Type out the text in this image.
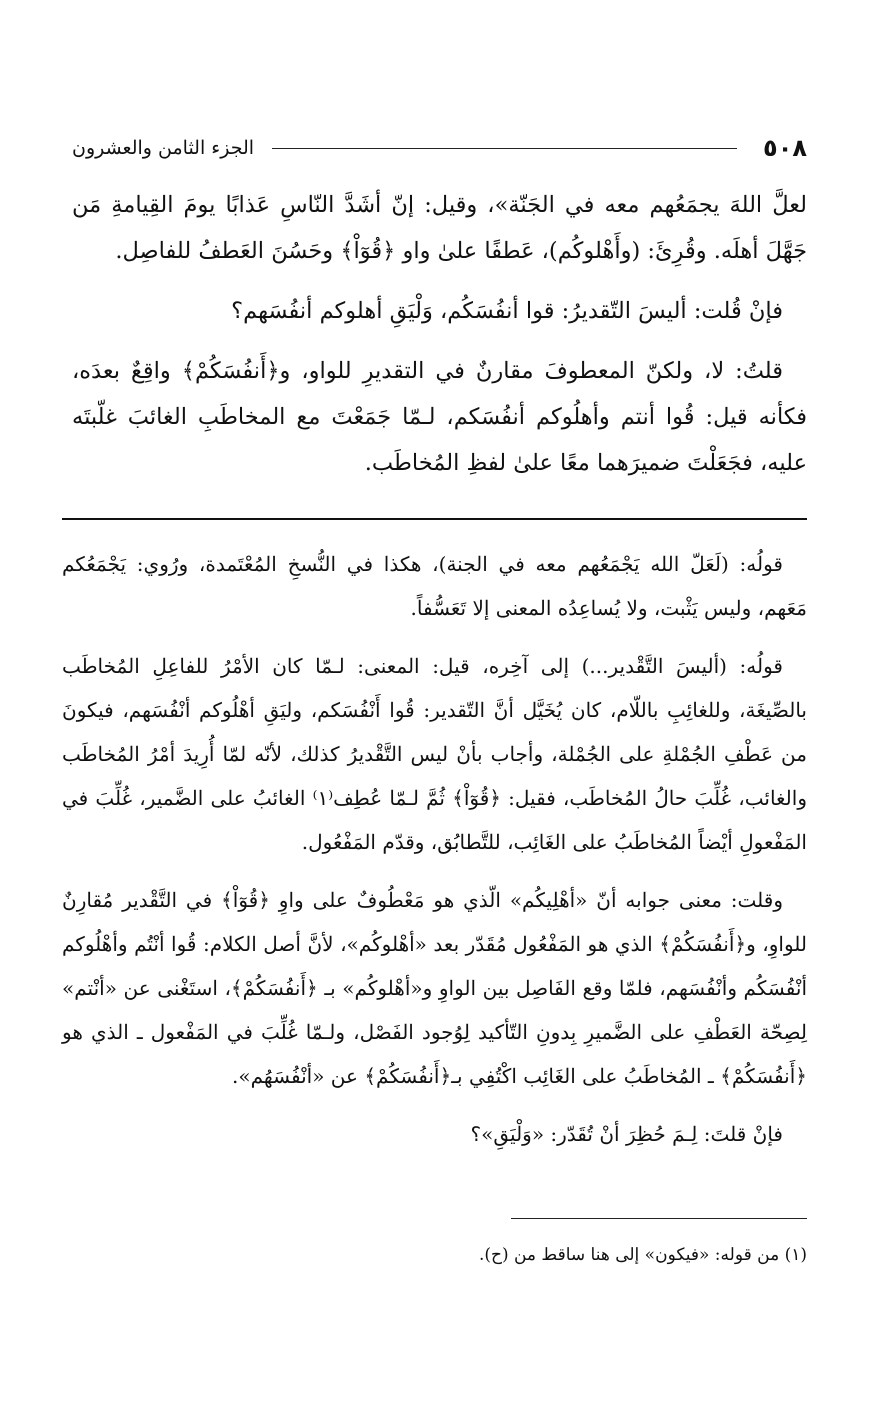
٥٠٨
الجزء الثامن والعشرون

لعلَّ اللهَ يجمَعُهم معه في الجَنّة»، وقيل: إنّ أشَدَّ النّاسِ عَذابًا يومَ القِيامةِ مَن جَهَّلَ أهلَه. وقُرِئَ: (وأَهْلوكُم)، عَطفًا علىٰ واو ﴿قُوٓاْ﴾ وحَسُنَ العَطفُ للفاصِل.

فإنْ قُلت: أليسَ التّقديرُ: قوا أنفُسَكُم، وَلْيَقِ أهلوكم أنفُسَهم؟

قلتُ: لا، ولكنّ المعطوفَ مقارنٌ في التقديرِ للواو، و﴿أَنفُسَكُمْ﴾ واقِعٌ بعدَه، فكأنه قيل: قُوا أنتم وأهلُوكم أنفُسَكم، لـمّا جَمَعْتَ مع المخاطَبِ الغائبَ غلّبتَه عليه، فجَعَلْتَ ضميرَهما معًا علىٰ لفظِ المُخاطَب.

قولُه: (لَعَلّ الله يَجْمَعُهم معه في الجنة)، هكذا في النُّسخِ المُعْتَمدة، ورُوي: يَجْمَعُكم مَعَهم، وليس يَثْبت، ولا يُساعِدُه المعنى إلا تَعَسُّفاً.

قولُه: (أليسَ التَّقْدير...) إلى آخِره، قيل: المعنى: لـمّا كان الأمْرُ للفاعِلِ المُخاطَب بالصِّيغَة، وللغائِبِ باللّام، كان يُخَيَّل أنَّ التّقدير: قُوا أَنْفُسَكم، وليَقِ أهْلُوكم أنْفُسَهم، فيكونَ من عَطْفِ الجُمْلةِ على الجُمْلة، وأجاب بأنْ ليس التَّقْديرُ كذلك، لأنّه لمّا أُرِيدَ أمْرُ المُخاطَب والغائب، غُلِّبَ حالُ المُخاطَب، فقيل: ﴿قُوٓاْ﴾ ثُمَّ لـمّا عُطِف⁽١⁾ الغائبُ على الضَّمير، غُلِّبَ في المَفْعولِ أيْضاً المُخاطَبُ على الغَائِب، للتَّطابُق، وقدّم المَفْعُول.

وقلت: معنى جوابه أنّ «أهْلِيكُم» الّذي هو مَعْطُوفٌ على واوِ ﴿قُوٓاْ﴾ في التَّقْدير مُقارِنٌ للواوِ، و﴿أَنفُسَكُمْ﴾ الذي هو المَفْعُول مُقَدّر بعد «أهْلوكُم»، لأنَّ أصل الكلام: قُوا أنْتُم وأهْلُوكم أنْفُسَكُم وأنْفُسَهم، فلمّا وقع الفَاصِل بين الواوِ و«أهْلوكُم» بـ ﴿أَنفُسَكُمْ﴾، استَغْنى عن «أنْتم» لِصِحّة العَطْفِ على الضَّميرِ بِدونِ التّأكيد لِوُجود الفَصْل، ولـمّا غُلِّبَ في المَفْعول ـ الذي هو ﴿أَنفُسَكُمْ﴾ ـ المُخاطَبُ على الغَائِب اكْتُفِي بـ﴿أَنفُسَكُمْ﴾ عن «أنْفُسَهُم».

فإنْ قلتَ: لِـمَ حُظِرَ أنْ تُقَدّر: «وَلْيَقِ»؟

(١) من قوله: «فيكون» إلى هنا ساقط من (ح).
